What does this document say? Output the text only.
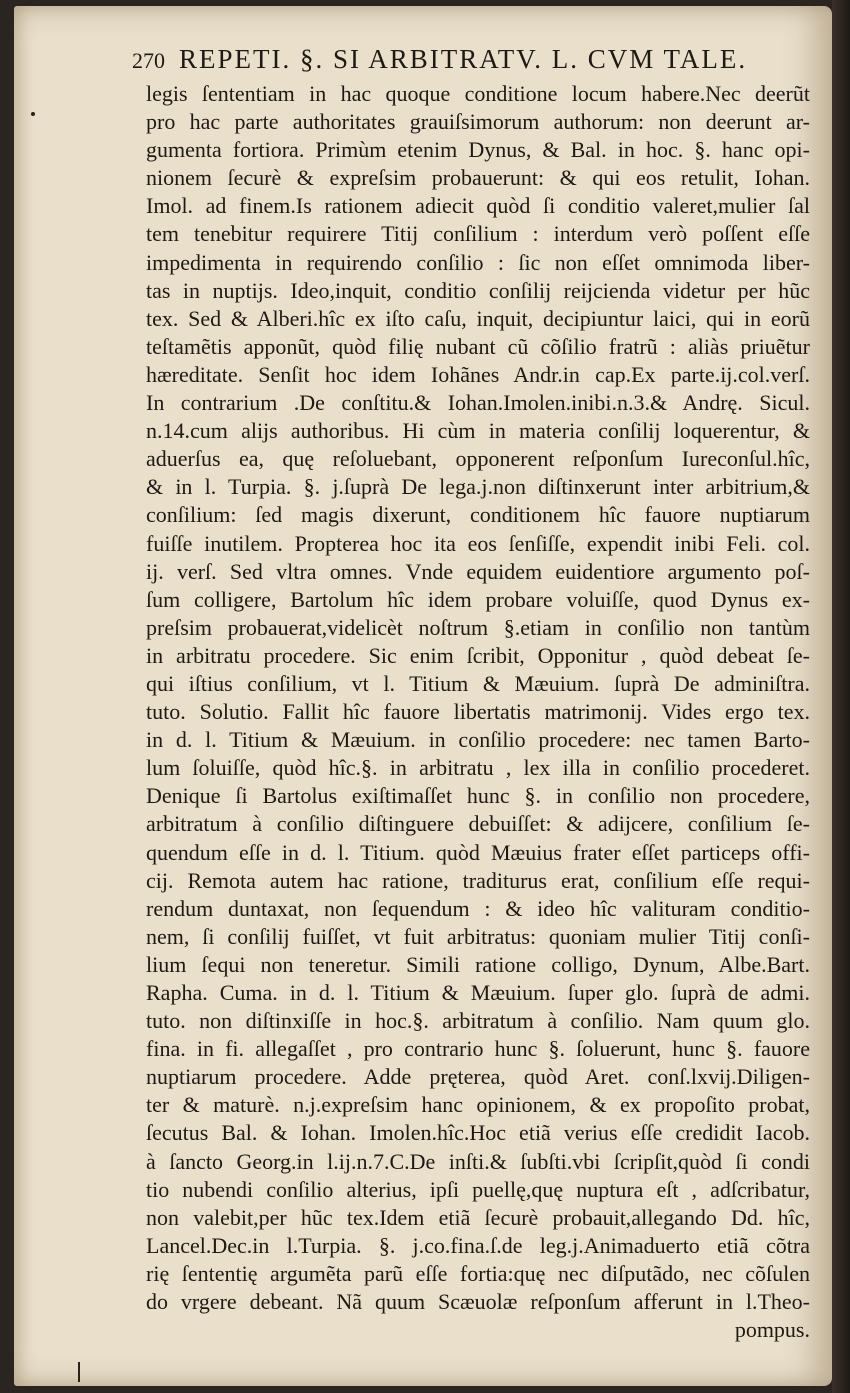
270 REPETI. §. SI ARBITRATV. L. CVM TALE.
legis ſententiam in hac quoque conditione locum habere.Nec deerũt
pro hac parte authoritates grauiſsimorum authorum: non deerunt ar-
gumenta fortiora. Primùm etenim Dynus, & Bal. in hoc. §. hanc opi-
nionem ſecurè & expreſsim probauerunt: & qui eos retulit, Iohan.
Imol. ad finem.Is rationem adiecit quòd ſi conditio valeret,mulier ſal
tem tenebitur requirere Titij conſilium : interdum verò poſſent eſſe
impedimenta in requirendo conſilio : ſic non eſſet omnimoda liber-
tas in nuptijs. Ideo,inquit, conditio conſilij reijcienda videtur per hũc
tex. Sed & Alberi.hîc ex iſto caſu, inquit, decipiuntur laici, qui in eorũ
teſtamẽtis apponũt, quòd filię nubant cũ cõſilio fratrũ : aliàs priuẽtur
hæreditate. Senſit hoc idem Iohãnes Andr.in cap.Ex parte.ij.col.verſ.
In contrarium .De conſtitu.& Iohan.Imolen.inibi.n.3.& Andrę. Sicul.
n.14.cum alijs authoribus. Hi cùm in materia conſilij loquerentur, &
aduerſus ea, quę reſoluebant, opponerent reſponſum Iureconſul.hîc,
& in l. Turpia. §. j.ſuprà De lega.j.non diſtinxerunt inter arbitrium,&
conſilium: ſed magis dixerunt, conditionem hîc fauore nuptiarum
fuiſſe inutilem. Propterea hoc ita eos ſenſiſſe, expendit inibi Feli. col.
ij. verſ. Sed vltra omnes. Vnde equidem euidentiore argumento poſ-
ſum colligere, Bartolum hîc idem probare voluiſſe, quod Dynus ex-
preſsim probauerat,videlicèt noſtrum §.etiam in conſilio non tantùm
in arbitratu procedere. Sic enim ſcribit, Opponitur , quòd debeat ſe-
qui iſtius conſilium, vt l. Titium & Mæuium. ſuprà De adminiſtra.
tuto. Solutio. Fallit hîc fauore libertatis matrimonij. Vides ergo tex.
in d. l. Titium & Mæuium. in conſilio procedere: nec tamen Barto-
lum ſoluiſſe, quòd hîc.§. in arbitratu , lex illa in conſilio procederet.
Denique ſi Bartolus exiſtimaſſet hunc §. in conſilio non procedere,
arbitratum à conſilio diſtinguere debuiſſet: & adijcere, conſilium ſe-
quendum eſſe in d. l. Titium. quòd Mæuius frater eſſet particeps offi-
cij. Remota autem hac ratione, traditurus erat, conſilium eſſe requi-
rendum duntaxat, non ſequendum : & ideo hîc valituram conditio-
nem, ſi conſilij fuiſſet, vt fuit arbitratus: quoniam mulier Titij conſi-
lium ſequi non teneretur. Simili ratione colligo, Dynum, Albe.Bart.
Rapha. Cuma. in d. l. Titium & Mæuium. ſuper glo. ſuprà de admi.
tuto. non diſtinxiſſe in hoc.§. arbitratum à conſilio. Nam quum glo.
fina. in fi. allegaſſet , pro contrario hunc §. ſoluerunt, hunc §. fauore
nuptiarum procedere. Adde pręterea, quòd Aret. conſ.lxvij.Diligen-
ter & maturè. n.j.expreſsim hanc opinionem, & ex propoſito probat,
ſecutus Bal. & Iohan. Imolen.hîc.Hoc etiã verius eſſe credidit Iacob.
à ſancto Georg.in l.ij.n.7.C.De inſti.& ſubſti.vbi ſcripſit,quòd ſi condi
tio nubendi conſilio alterius, ipſi puellę,quę nuptura eſt , adſcribatur,
non valebit,per hũc tex.Idem etiã ſecurè probauit,allegando Dd. hîc,
Lancel.Dec.in l.Turpia. §. j.co.fina.ſ.de leg.j.Animaduerto etiã cõtra
rię ſententię argumẽta parũ eſſe fortia:quę nec diſputãdo, nec cõſulen
do vrgere debeant. Nã quum Scæuolæ reſponſum afferunt in l.Theo-
pompus.
